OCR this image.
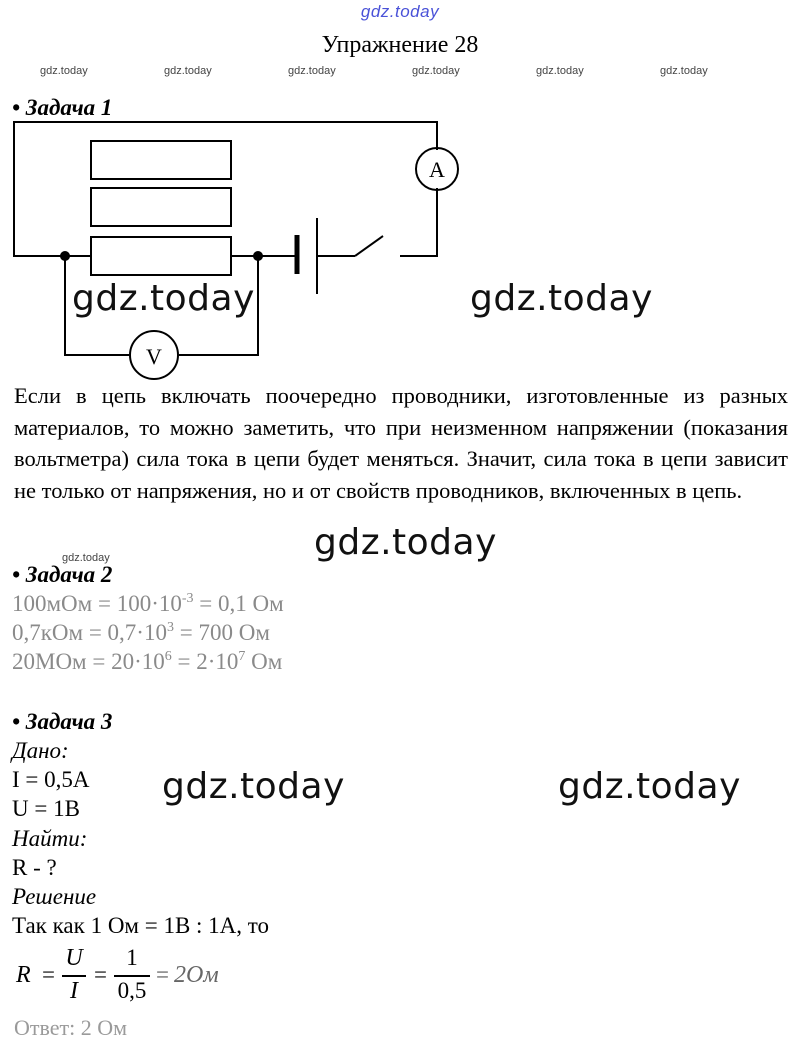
gdz.today
Упражнение 28
gdz.today	gdz.today	gdz.today	gdz.today	gdz.today	gdz.today
• Задача 1
A
V
gdz.today	gdz.today
Если в цепь включать поочередно проводники, изготовленные из разных материалов, то можно заметить, что при неизменном напряжении (показания вольтметра) сила тока в цепи будет меняться. Значит, сила тока в цепи зависит не только от напряжения, но и от свойств проводников, включенных в цепь.
gdz.today
gdz.today
• Задача 2
$100мОм = 100\cdot 10^{-3} = 0,1$ Ом
$0,7кОм = 0,7\cdot 10^3 = 700$ Ом
$20МОм = 20\cdot 10^6 = 2\cdot 10^7$ Ом
• Задача 3
Дано:
I = 0,5A
U = 1B
Найти:
R - ?
Решение
Так как 1 Ом = 1В : 1А, то
gdz.today	gdz.today
R =
U
I
=
1
0,5
= 2Ом
Ответ: 2 Ом
